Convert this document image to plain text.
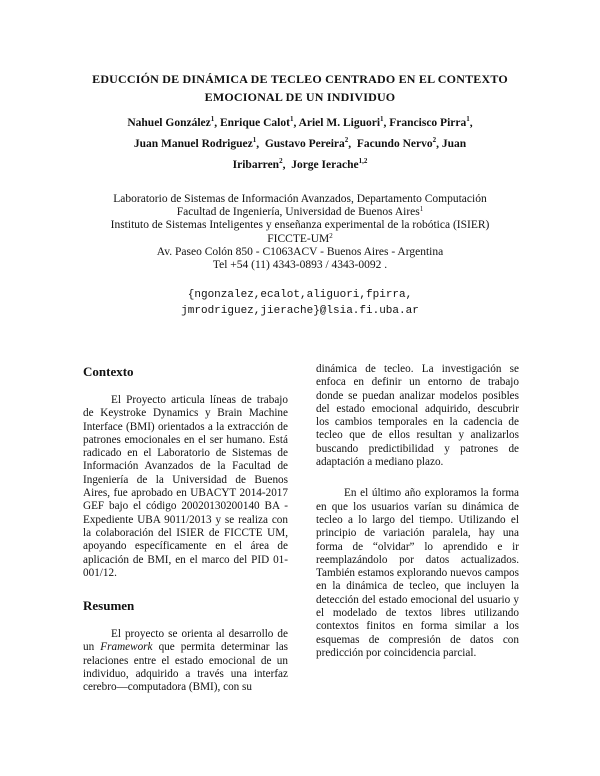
EDUCCIÓN DE DINÁMICA DE TECLEO CENTRADO EN EL CONTEXTO
EMOCIONAL DE UN INDIVIDUO
Nahuel González$^1$, Enrique Calot$^1$, Ariel M. Liguori$^1$, Francisco Pirra$^1$, Juan Manuel Rodriguez$^1$,  Gustavo Pereira$^2$,  Facundo Nervo$^2$, Juan Iribarren$^2$,  Jorge Ierache$^{1,2}$
Laboratorio de Sistemas de Información Avanzados, Departamento Computación
Facultad de Ingeniería, Universidad de Buenos Aires$^1$
Instituto de Sistemas Inteligentes y enseñanza experimental de la robótica (ISIER)
FICCTE-$UM^2$
Av. Paseo Colón 850 - C1063ACV - Buenos Aires - Argentina
Tel +54 (11) 4343-0893 / 4343-0092 .
{ngonzalez,ecalot,aliguori,fpirra,
jmrodriguez,jierache}@lsia.fi.uba.ar
Contexto
El Proyecto articula líneas de trabajo de Keystroke Dynamics y Brain Machine Interface (BMI) orientados a la extracción de patrones emocionales en el ser humano. Está radicado en el Laboratorio de Sistemas de Información Avanzados de la Facultad de Ingeniería de la Universidad de Buenos Aires, fue aprobado en UBACYT 2014-2017 GEF bajo el código 20020130200140 BA - Expediente UBA 9011/2013 y se realiza con la colaboración del ISIER de FICCTE UM, apoyando específicamente en el área de aplicación de BMI, en el marco del PID 01-001/12.
Resumen
El proyecto se orienta al desarrollo de un Framework que permita determinar las relaciones entre el estado emocional de un individuo, adquirido a través una interfaz cerebro—computadora (BMI), con su
dinámica de tecleo. La investigación se enfoca en definir un entorno de trabajo donde se puedan analizar modelos posibles del estado emocional adquirido, descubrir los cambios temporales en la cadencia de tecleo que de ellos resultan y analizarlos buscando predictibilidad y patrones de adaptación a mediano plazo.
En el último año exploramos la forma en que los usuarios varían su dinámica de tecleo a lo largo del tiempo. Utilizando el principio de variación paralela, hay una forma de “olvidar” lo aprendido e ir reemplazándolo por datos actualizados. También estamos explorando nuevos campos en la dinámica de tecleo, que incluyen la detección del estado emocional del usuario y el modelado de textos libres utilizando contextos finitos en forma similar a los esquemas de compresión de datos con predicción por coincidencia parcial.
